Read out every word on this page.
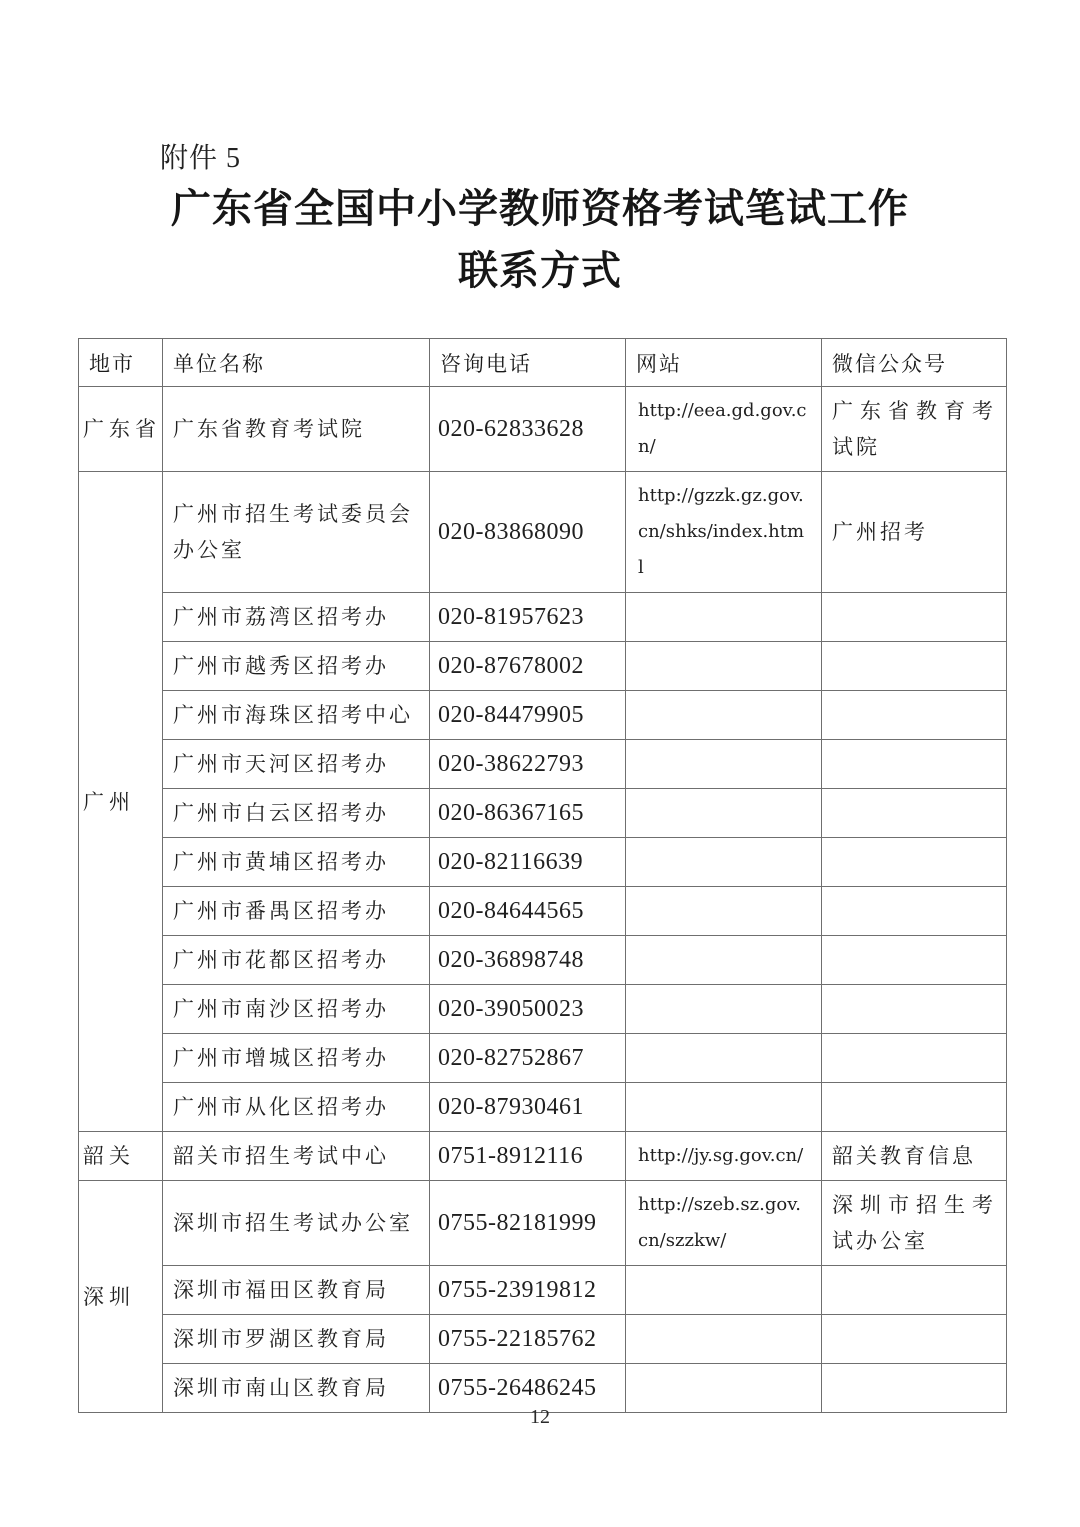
附件 5
广东省全国中小学教师资格考试笔试工作
联系方式
地市	单位名称	咨询电话	网站	微信公众号
广东省	广东省教育考试院	020-62833628	http://eea.gd.gov.cn/	广东省教育考试院
广州	广州市招生考试委员会办公室	020-83868090	http://gzzk.gz.gov.cn/shks/index.html	广州招考
	广州市荔湾区招考办	020-81957623		
	广州市越秀区招考办	020-87678002		
	广州市海珠区招考中心	020-84479905		
	广州市天河区招考办	020-38622793		
	广州市白云区招考办	020-86367165		
	广州市黄埔区招考办	020-82116639		
	广州市番禺区招考办	020-84644565		
	广州市花都区招考办	020-36898748		
	广州市南沙区招考办	020-39050023		
	广州市增城区招考办	020-82752867		
	广州市从化区招考办	020-87930461		
韶关	韶关市招生考试中心	0751-8912116	http://jy.sg.gov.cn/	韶关教育信息
深圳	深圳市招生考试办公室	0755-82181999	http://szeb.sz.gov.cn/szzkw/	深圳市招生考试办公室
	深圳市福田区教育局	0755-23919812		
	深圳市罗湖区教育局	0755-22185762		
	深圳市南山区教育局	0755-26486245		
12
